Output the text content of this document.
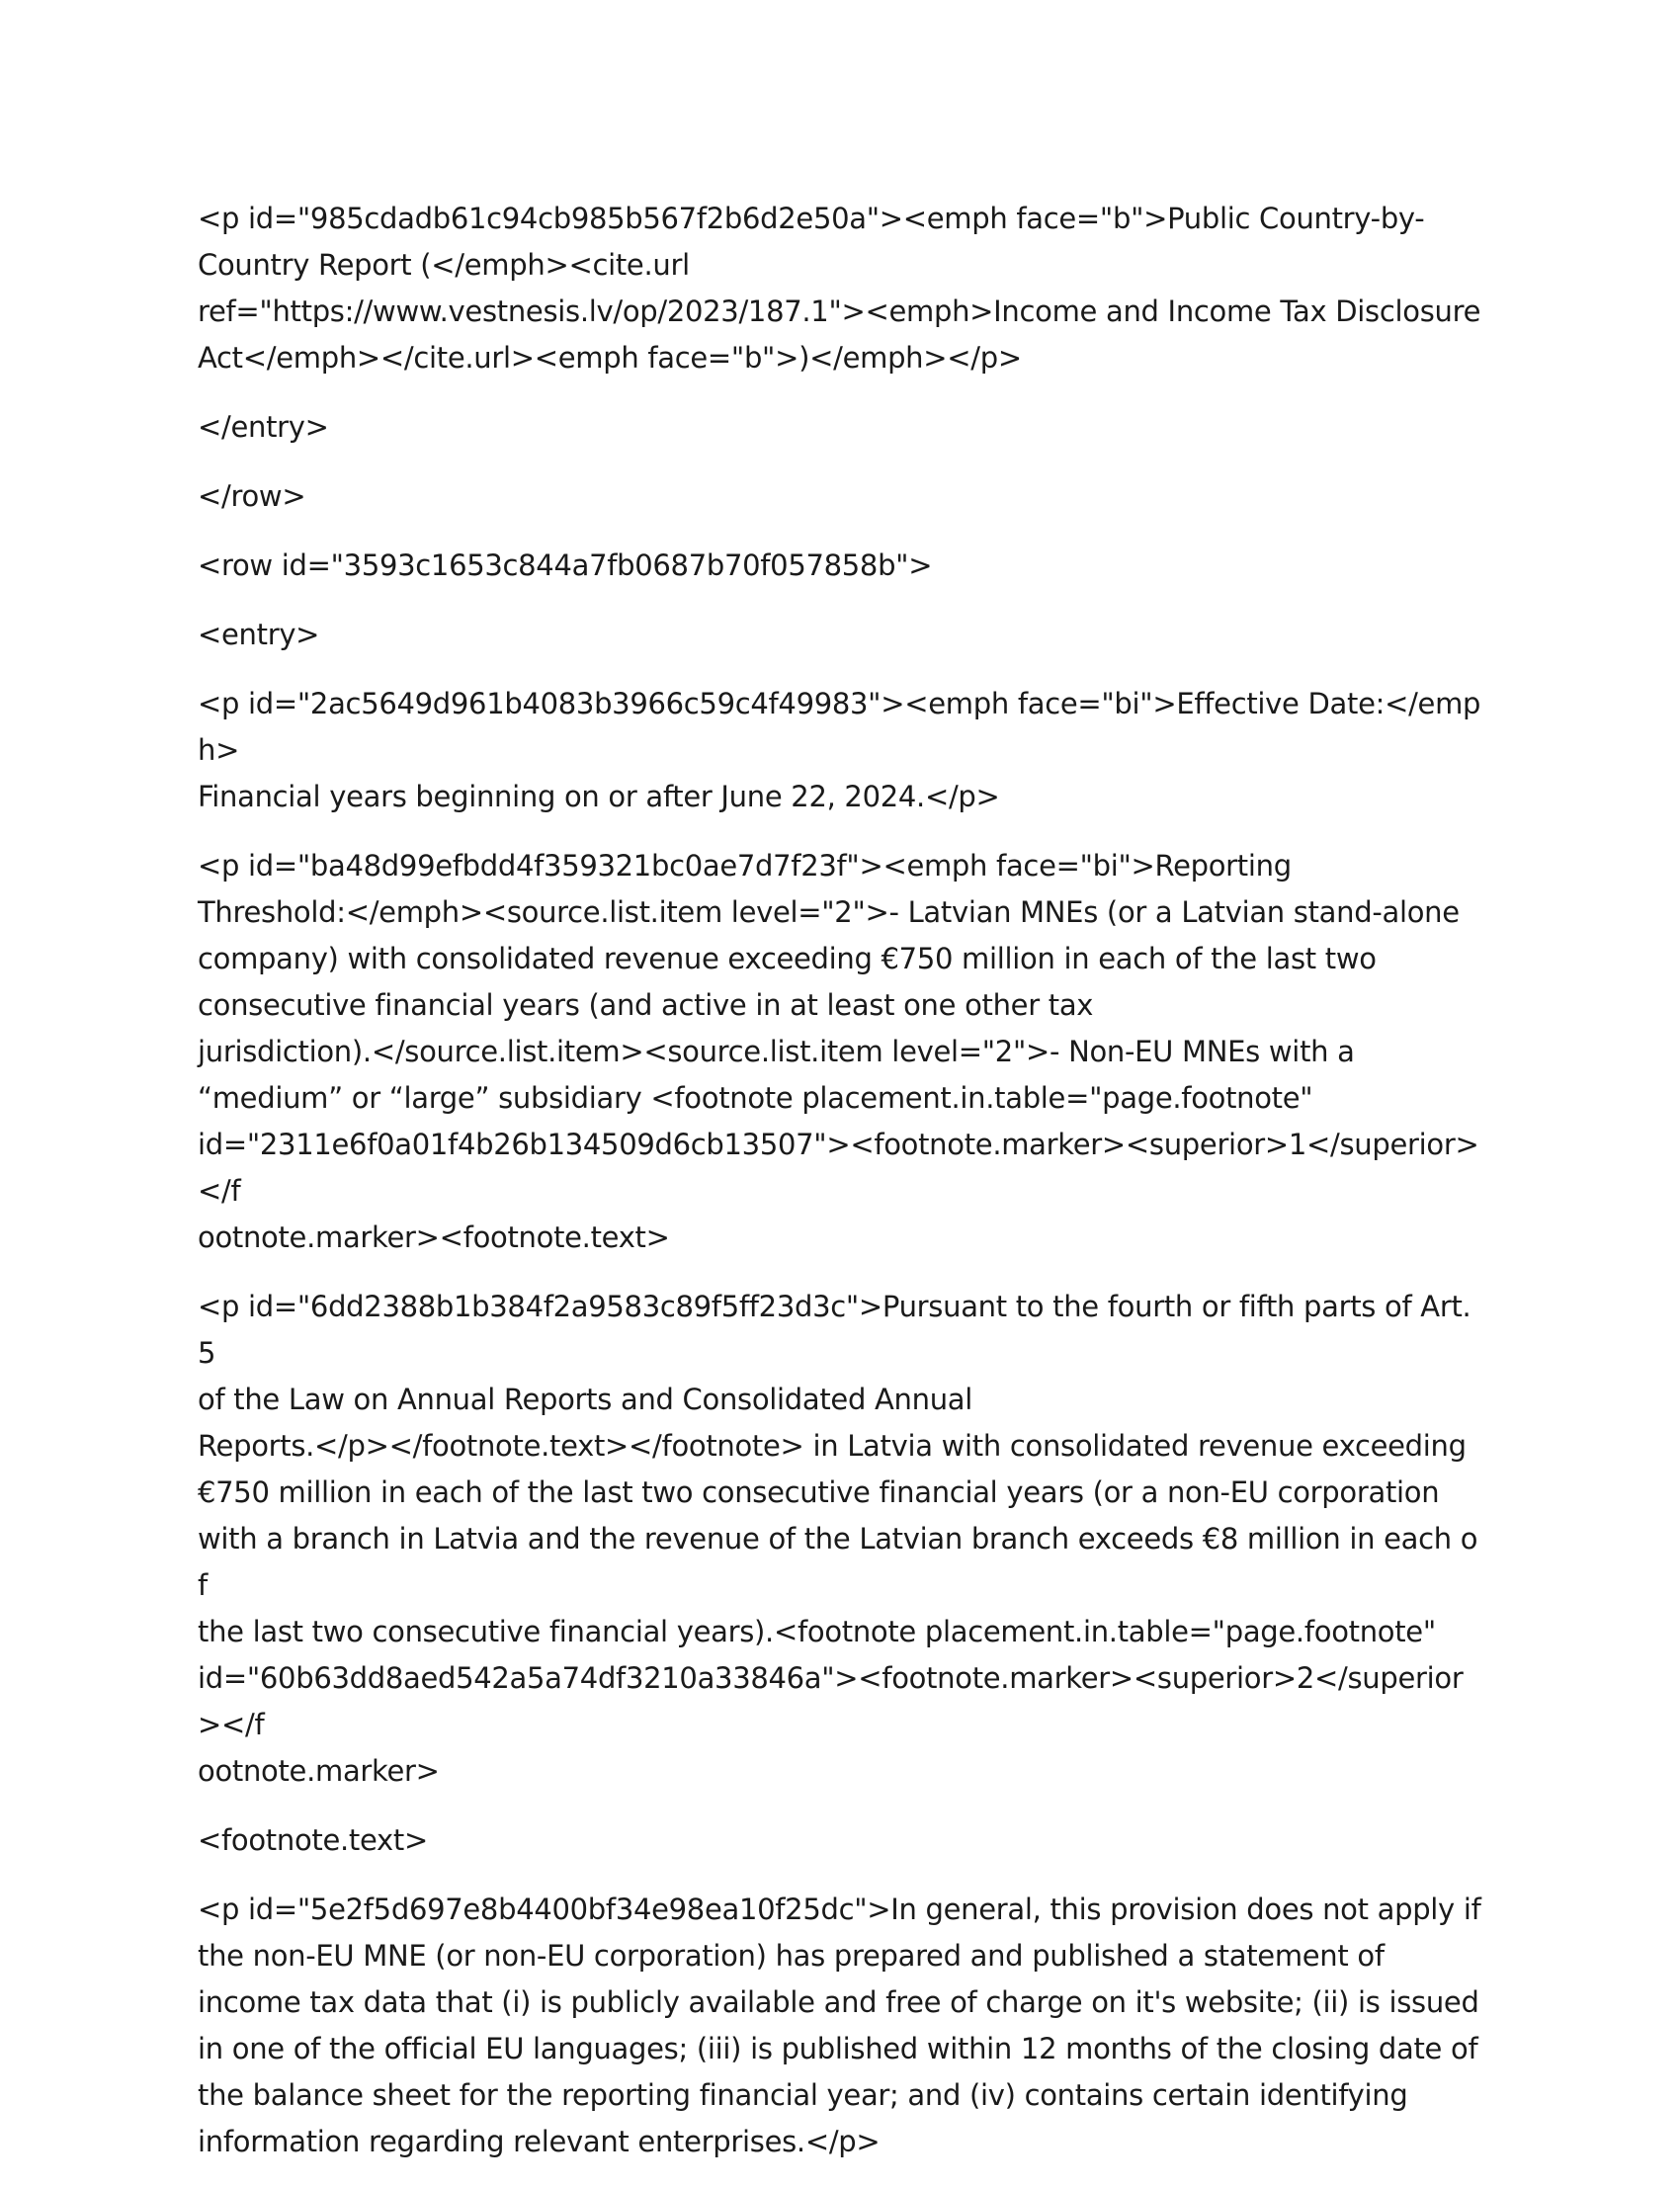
<p id="985cdadb61c94cb985b567f2b6d2e50a"><emph face="b">Public Country-by-
Country Report (</emph><cite.url
ref="https://www.vestnesis.lv/op/2023/187.1"><emph>Income and Income Tax Disclosure
Act</emph></cite.url><emph face="b">)</emph></p>
</entry>
</row>
<row id="3593c1653c844a7fb0687b70f057858b">
<entry>
<p id="2ac5649d961b4083b3966c59c4f49983"><emph face="bi">Effective Date:</emph>
Financial years beginning on or after June 22, 2024.</p>
<p id="ba48d99efbdd4f359321bc0ae7d7f23f"><emph face="bi">Reporting
Threshold:</emph><source.list.item level="2">- Latvian MNEs (or a Latvian stand-alone
company) with consolidated revenue exceeding €750 million in each of the last two
consecutive financial years (and active in at least one other tax
jurisdiction).</source.list.item><source.list.item level="2">- Non-EU MNEs with a
“medium” or “large” subsidiary <footnote placement.in.table="page.footnote"
id="2311e6f0a01f4b26b134509d6cb13507"><footnote.marker><superior>1</superior></f
ootnote.marker><footnote.text>
<p id="6dd2388b1b384f2a9583c89f5ff23d3c">Pursuant to the fourth or fifth parts of Art. 5
of the Law on Annual Reports and Consolidated Annual
Reports.</p></footnote.text></footnote> in Latvia with consolidated revenue exceeding
€750 million in each of the last two consecutive financial years (or a non-EU corporation
with a branch in Latvia and the revenue of the Latvian branch exceeds €8 million in each of
the last two consecutive financial years).<footnote placement.in.table="page.footnote"
id="60b63dd8aed542a5a74df3210a33846a"><footnote.marker><superior>2</superior></f
ootnote.marker>
<footnote.text>
<p id="5e2f5d697e8b4400bf34e98ea10f25dc">In general, this provision does not apply if
the non-EU MNE (or non-EU corporation) has prepared and published a statement of
income tax data that (i) is publicly available and free of charge on it's website; (ii) is issued
in one of the official EU languages; (iii) is published within 12 months of the closing date of
the balance sheet for the reporting financial year; and (iv) contains certain identifying
information regarding relevant enterprises.</p>
